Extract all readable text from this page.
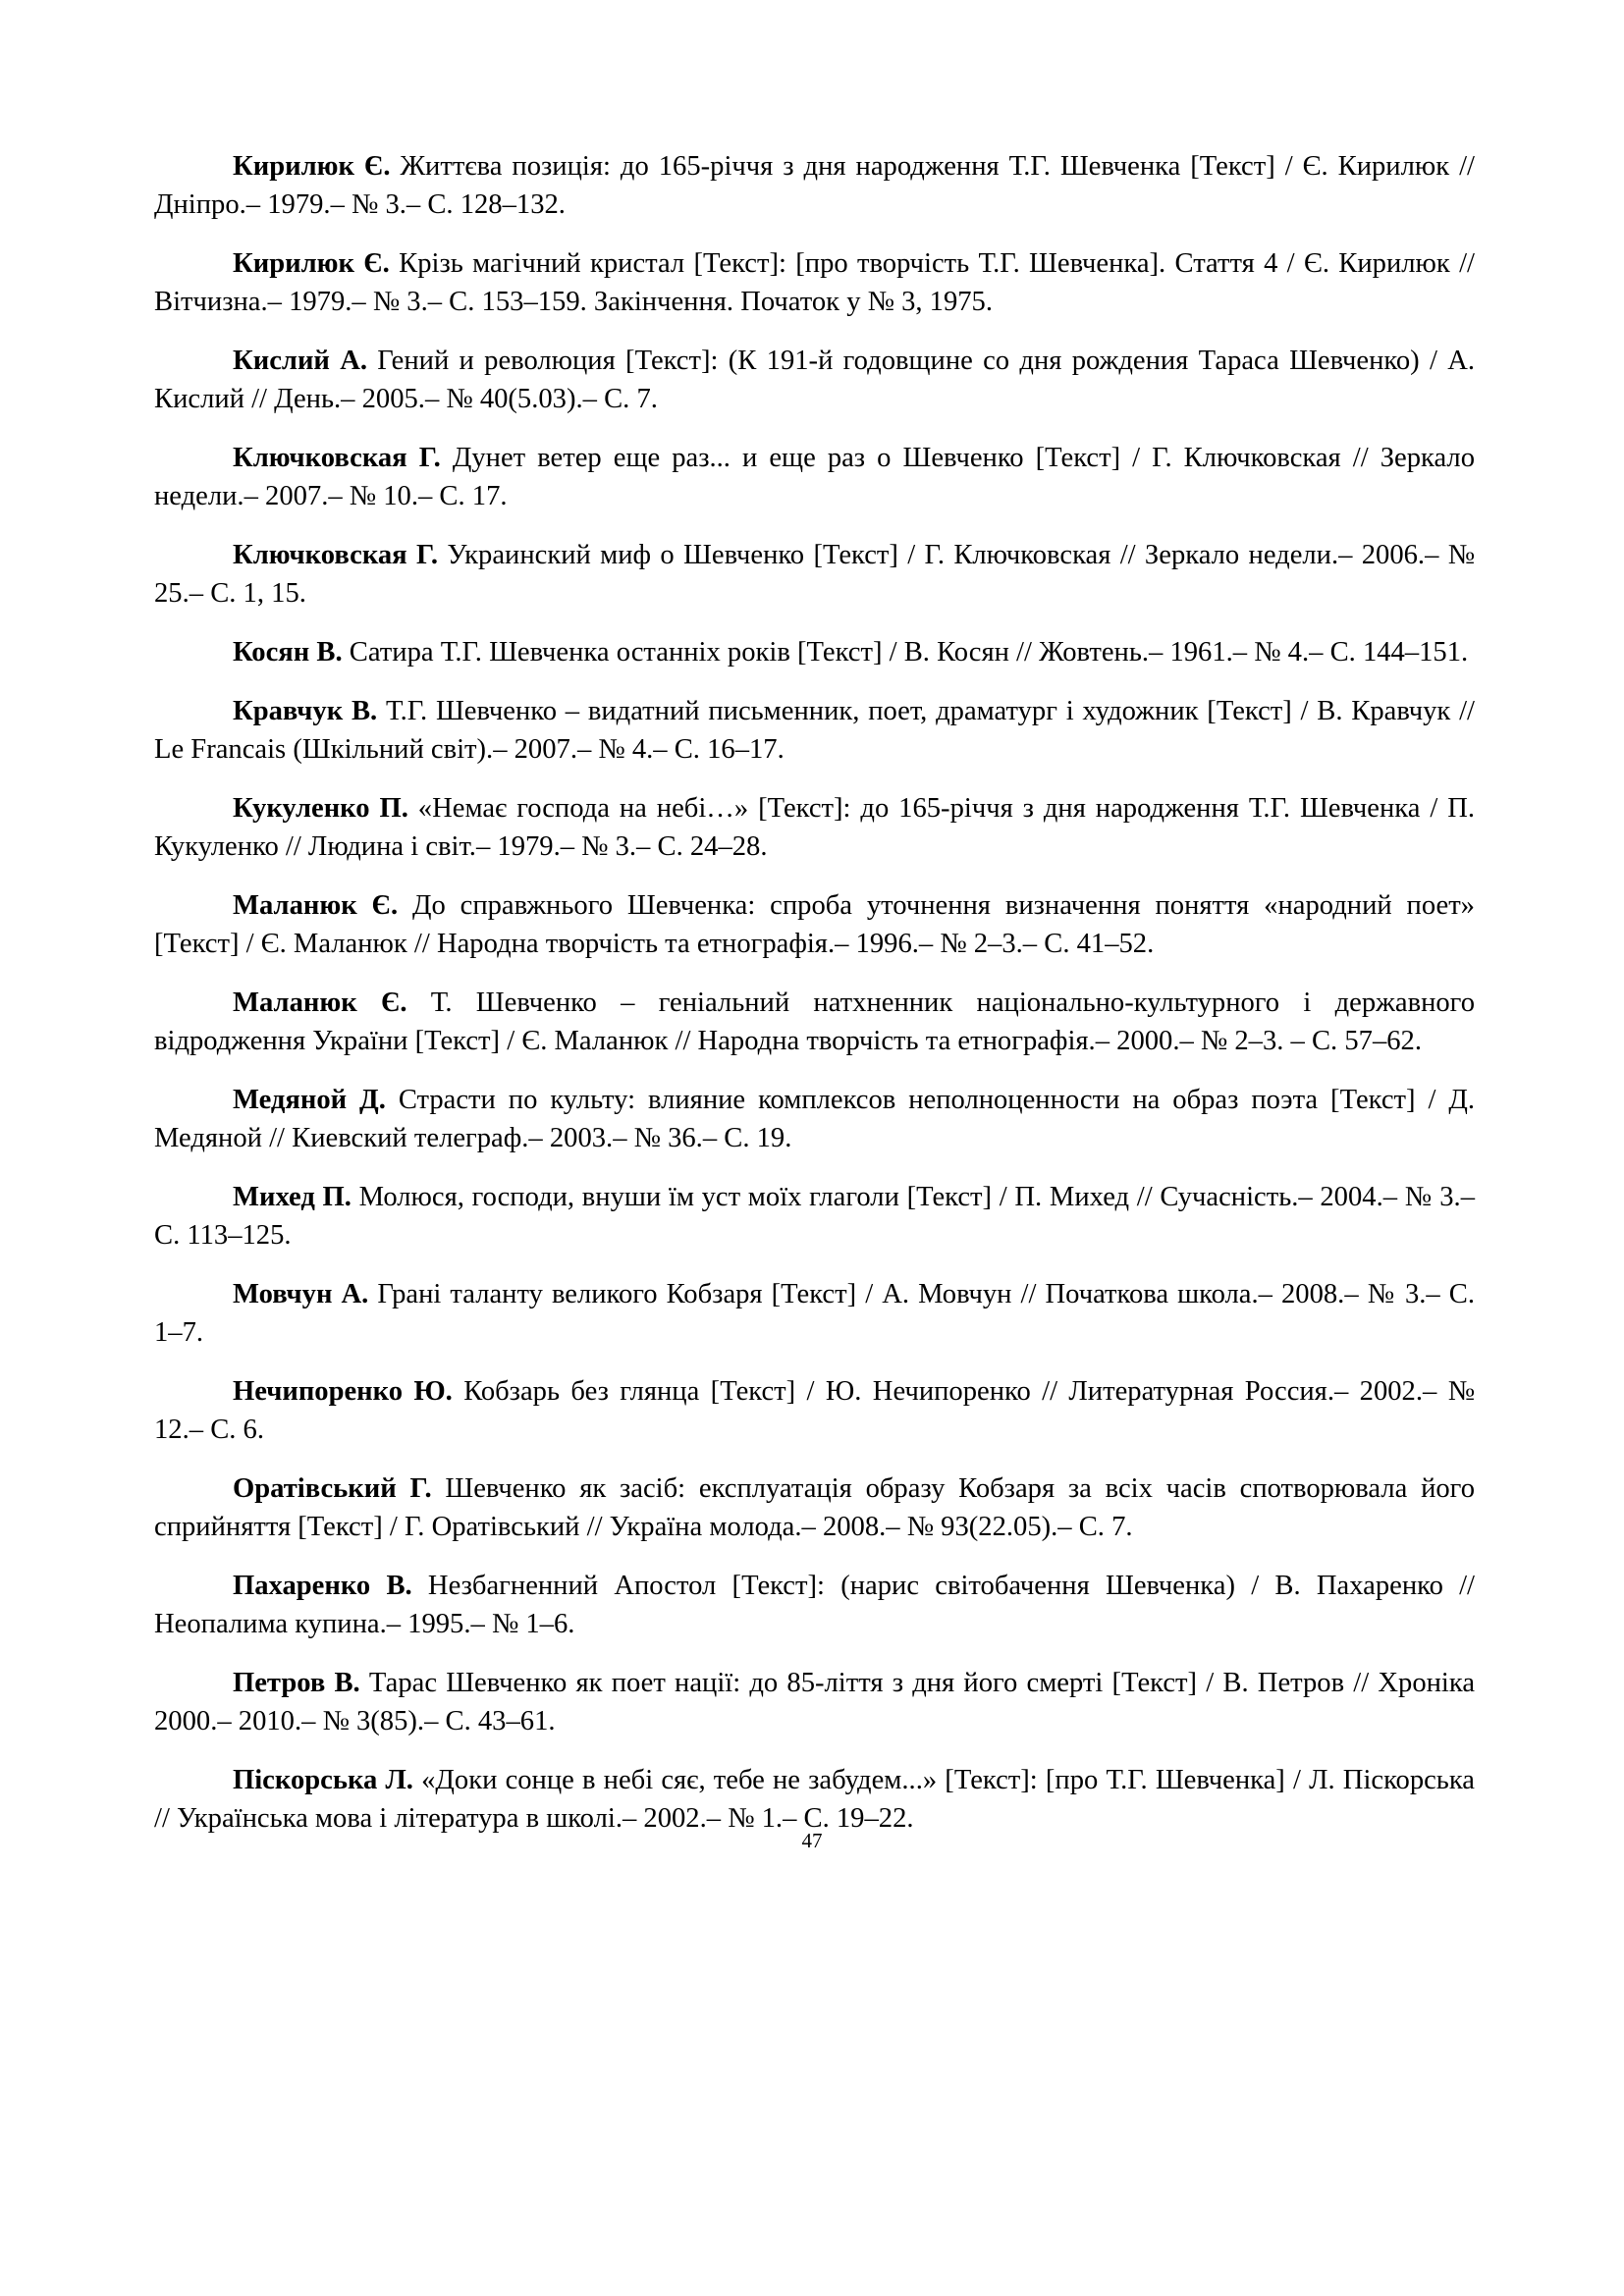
Кирилюк Є. Життєва позиція: до 165-річчя з дня народження Т.Г. Шевченка [Текст] / Є. Кирилюк // Дніпро.– 1979.– № 3.– С. 128–132.

Кирилюк Є. Крізь магічний кристал [Текст]: [про творчість Т.Г. Шевченка]. Стаття 4 / Є. Кирилюк // Вітчизна.– 1979.– № 3.– С. 153–159. Закінчення. Початок у № 3, 1975.

Кислий А. Гений и революция [Текст]: (К 191-й годовщине со дня рождения Тараса Шевченко) / А. Кислий // День.– 2005.– № 40(5.03).– С. 7.

Ключковская Г. Дунет ветер еще раз... и еще раз о Шевченко [Текст] / Г. Ключковская // Зеркало недели.– 2007.– № 10.– С. 17.

Ключковская Г. Украинский миф о Шевченко [Текст] / Г. Ключковская // Зеркало недели.– 2006.– № 25.– С. 1, 15.

Косян В. Сатира Т.Г. Шевченка останніх років [Текст] / В. Косян // Жовтень.– 1961.– № 4.– С. 144–151.

Кравчук В. Т.Г. Шевченко – видатний письменник, поет, драматург і художник [Текст] / В. Кравчук // Le Francais (Шкільний світ).– 2007.– № 4.– С. 16–17.

Кукуленко П. «Немає господа на небі…» [Текст]: до 165-річчя з дня народження Т.Г. Шевченка / П. Кукуленко // Людина і світ.– 1979.– № 3.– С. 24–28.

Маланюк Є. До справжнього Шевченка: спроба уточнення визначення поняття «народний поет» [Текст] / Є. Маланюк // Народна творчість та етнографія.– 1996.– № 2–3.– С. 41–52.

Маланюк Є. Т. Шевченко – геніальний натхненник національно-культурного і державного відродження України [Текст] / Є. Маланюк // Народна творчість та етнографія.– 2000.– № 2–3. – С. 57–62.

Медяной Д. Страсти по культу: влияние комплексов неполноценности на образ поэта [Текст] / Д. Медяной // Киевский телеграф.– 2003.– № 36.– С. 19.

Михед П. Молюся, господи, внуши їм уст моїх глаголи [Текст] / П. Михед // Сучасність.– 2004.– № 3.– С. 113–125.

Мовчун А. Грані таланту великого Кобзаря [Текст] / А. Мовчун // Початкова школа.– 2008.– № 3.– С. 1–7.

Нечипоренко Ю. Кобзарь без глянца [Текст] / Ю. Нечипоренко // Литературная Россия.– 2002.– № 12.– С. 6.

Оратівський Г. Шевченко як засіб: експлуатація образу Кобзаря за всіх часів спотворювала його сприйняття [Текст] / Г. Оратівський // Україна молода.– 2008.– № 93(22.05).– С. 7.

Пахаренко В. Незбагненний Апостол [Текст]: (нарис світобачення Шевченка) / В. Пахаренко // Неопалима купина.– 1995.– № 1–6.

Петров В. Тарас Шевченко як поет нації: до 85-ліття з дня його смерті [Текст] / В. Петров // Хроніка 2000.– 2010.– № 3(85).– С. 43–61.

Піскорська Л. «Доки сонце в небі сяє, тебе не забудем...» [Текст]: [про Т.Г. Шевченка] / Л. Піскорська // Українська мова і література в школі.– 2002.– № 1.– С. 19–22.

47
